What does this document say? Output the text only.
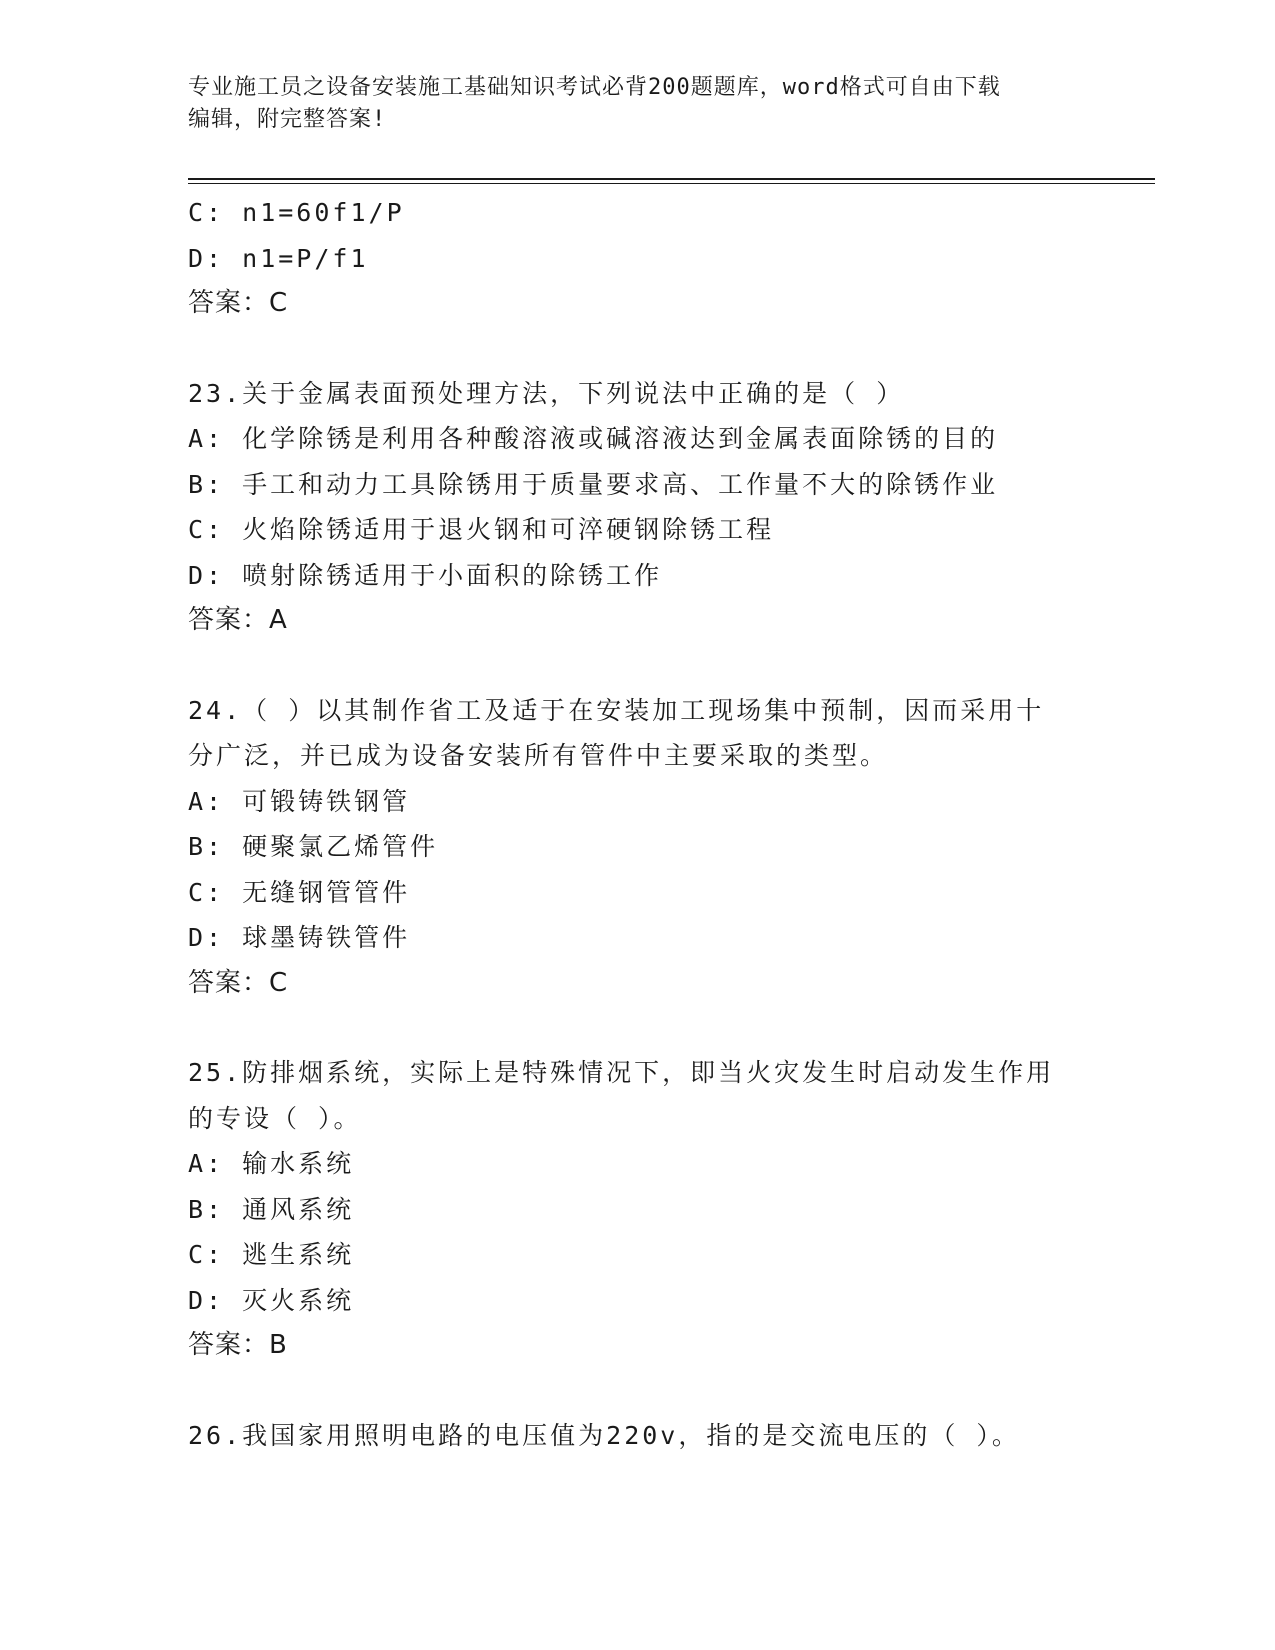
专业施工员之设备安装施工基础知识考试必背200题题库，word格式可自由下载
编辑，附完整答案!
C: n1=60f1/P
D: n1=P/f1
答案：C
23.关于金属表面预处理方法，下列说法中正确的是（ ）
A: 化学除锈是利用各种酸溶液或碱溶液达到金属表面除锈的目的
B: 手工和动力工具除锈用于质量要求高、工作量不大的除锈作业
C: 火焰除锈适用于退火钢和可淬硬钢除锈工程
D: 喷射除锈适用于小面积的除锈工作
答案：A
24.（ ）以其制作省工及适于在安装加工现场集中预制，因而采用十
分广泛，并已成为设备安装所有管件中主要采取的类型。
A: 可锻铸铁钢管
B: 硬聚氯乙烯管件
C: 无缝钢管管件
D: 球墨铸铁管件
答案：C
25.防排烟系统，实际上是特殊情况下，即当火灾发生时启动发生作用
的专设（ ）。
A: 输水系统
B: 通风系统
C: 逃生系统
D: 灭火系统
答案：B
26.我国家用照明电路的电压值为220v，指的是交流电压的（ ）。
